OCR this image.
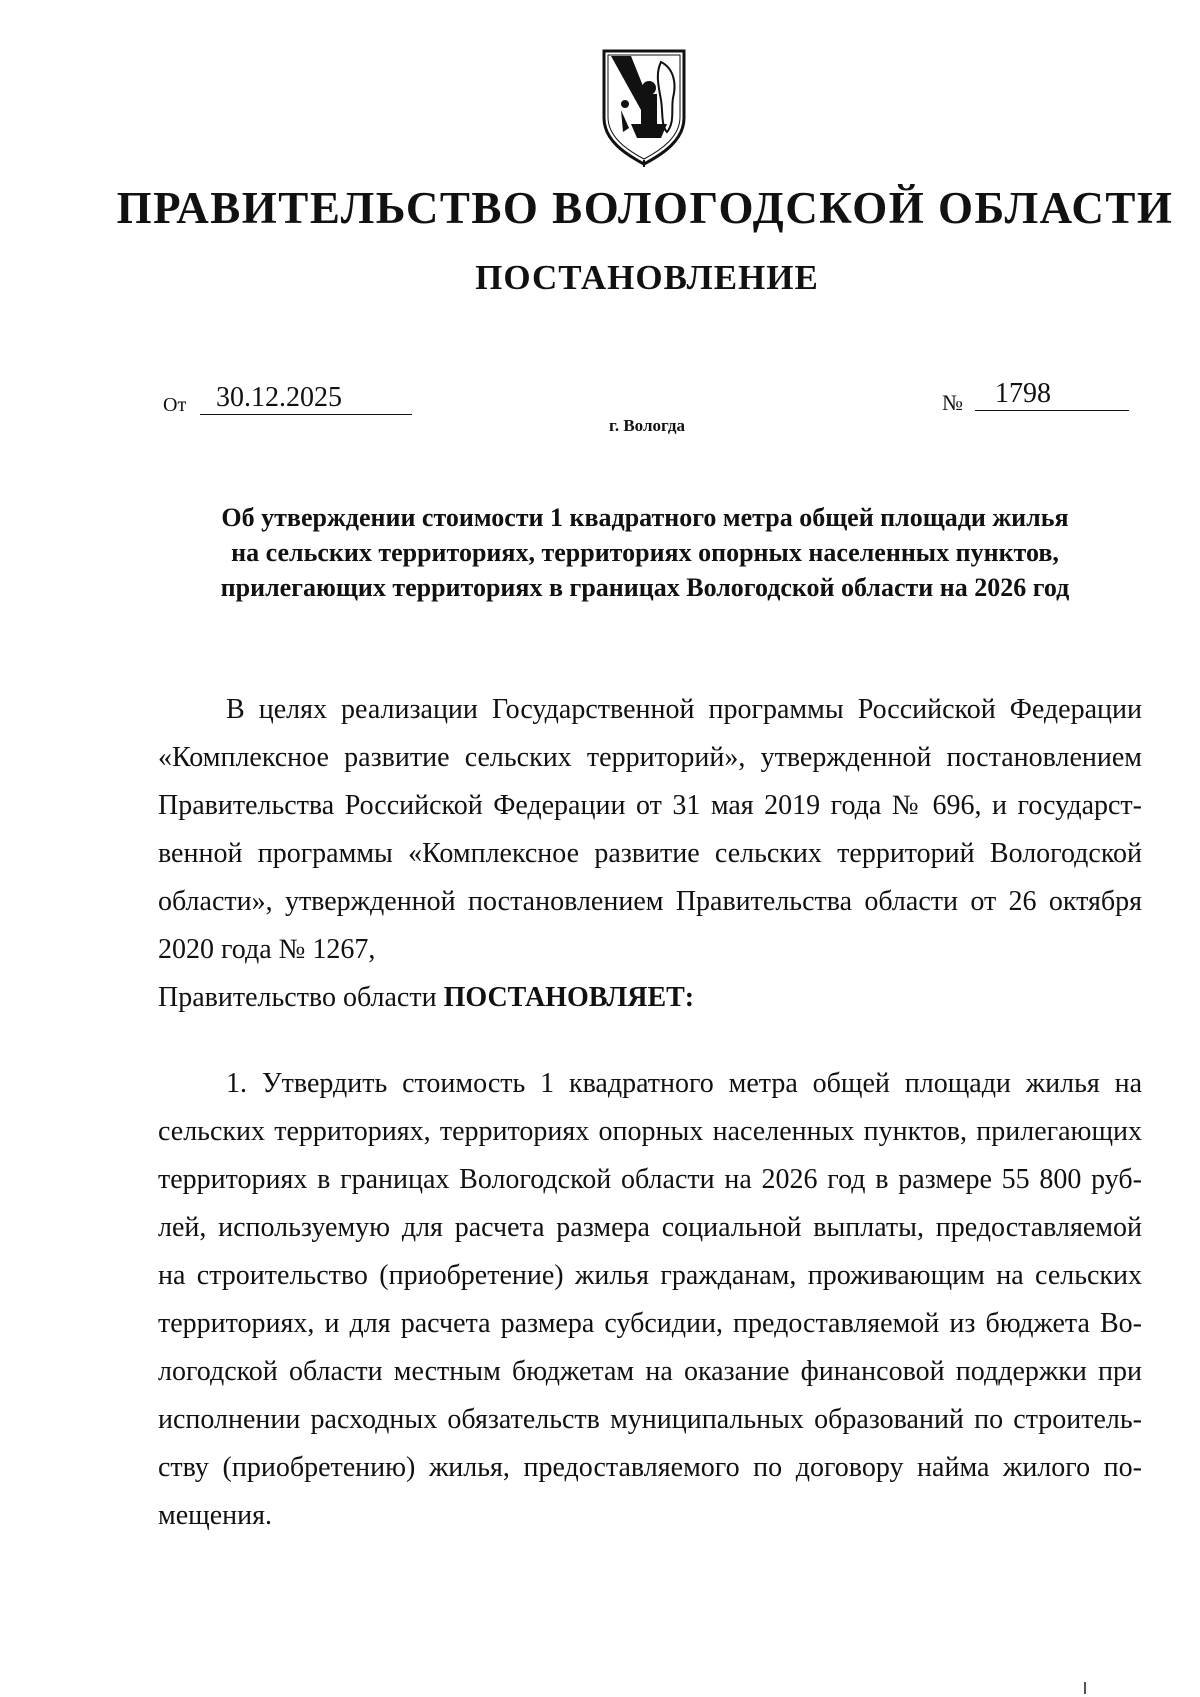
ПРАВИТЕЛЬСТВО ВОЛОГОДСКОЙ ОБЛАСТИ
ПОСТАНОВЛЕНИЕ
От	30.12.2025	№	1798
г. Вологда
Об утверждении стоимости 1 квадратного метра общей площади жилья
на сельских территориях, территориях опорных населенных пунктов,
прилегающих территориях в границах Вологодской области на 2026 год
В целях реализации Государственной программы Российской Федерации
«Комплексное развитие сельских территорий», утвержденной постановлением
Правительства Российской Федерации от 31 мая 2019 года № 696, и государст-
венной программы «Комплексное развитие сельских территорий Вологодской
области», утвержденной постановлением Правительства области от 26 октября
2020 года № 1267,
Правительство области ПОСТАНОВЛЯЕТ:
1. Утвердить стоимость 1 квадратного метра общей площади жилья на
сельских территориях, территориях опорных населенных пунктов, прилегающих
территориях в границах Вологодской области на 2026 год в размере 55 800 руб-
лей, используемую для расчета размера социальной выплаты, предоставляемой
на строительство (приобретение) жилья гражданам, проживающим на сельских
территориях, и для расчета размера субсидии, предоставляемой из бюджета Во-
логодской области местным бюджетам на оказание финансовой поддержки при
исполнении расходных обязательств муниципальных образований по строитель-
ству (приобретению) жилья, предоставляемого по договору найма жилого по-
мещения.
